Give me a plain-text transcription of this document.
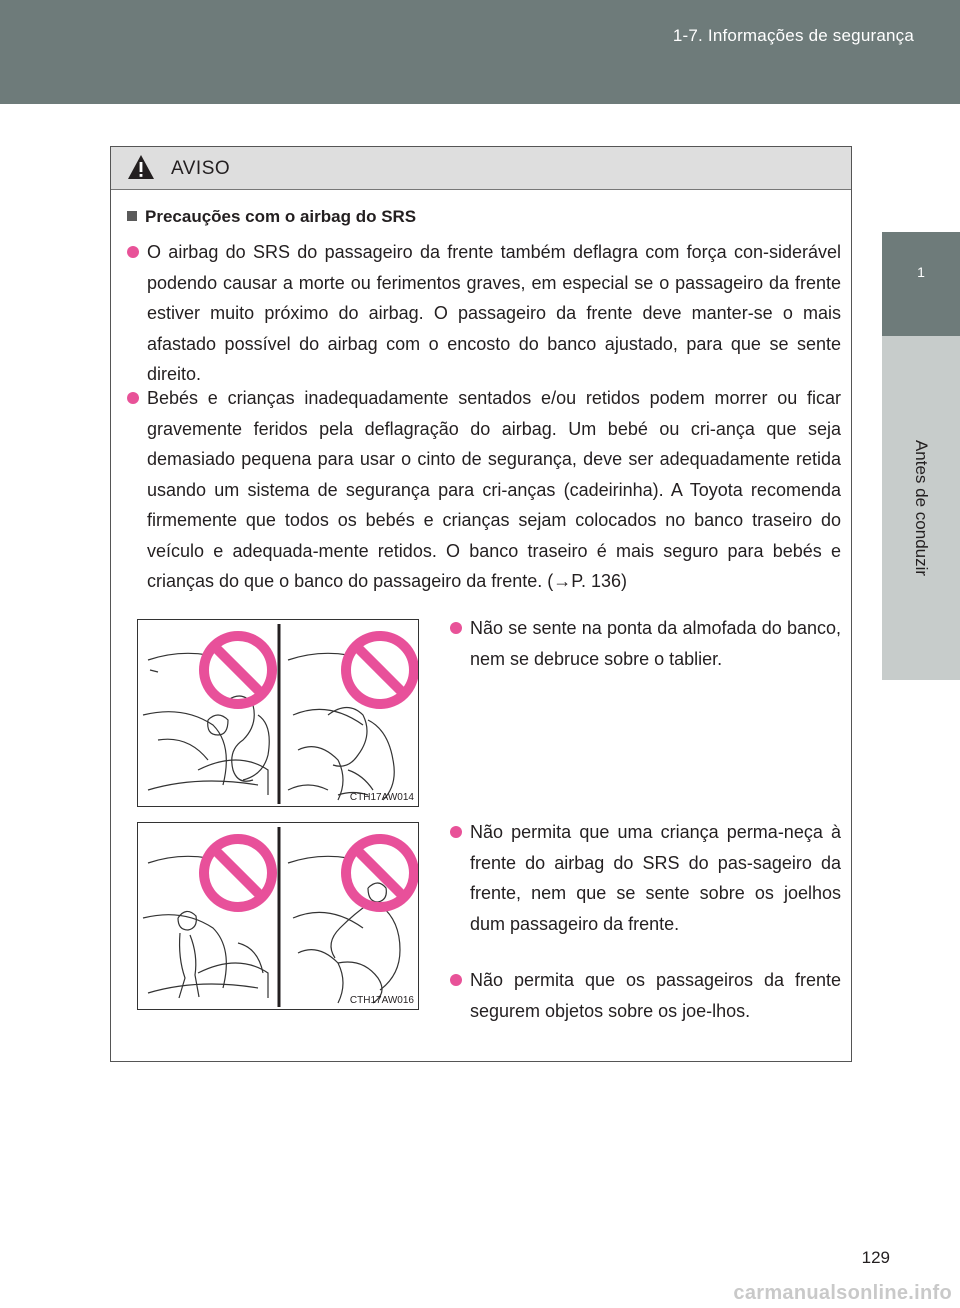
1-7. Informações de segurança
1
Antes de conduzir
AVISO
Precauções com o airbag do SRS
O airbag do SRS do passageiro da frente também deflagra com força con-siderável podendo causar a morte ou ferimentos graves, em especial se o passageiro da frente estiver muito próximo do airbag. O passageiro da frente deve manter-se o mais afastado possível do airbag com o encosto do banco ajustado, para que se sente direito.
Bebés e crianças inadequadamente sentados e/ou retidos podem morrer ou ficar gravemente feridos pela deflagração do airbag. Um bebé ou cri-ança que seja demasiado pequena para usar o cinto de segurança, deve ser adequadamente retida usando um sistema de segurança para cri-anças (cadeirinha). A Toyota recomenda firmemente que todos os bebés e crianças sejam colocados no banco traseiro do veículo e adequada-mente retidos. O banco traseiro é mais seguro para bebés e crianças do que o banco do passageiro da frente. (→P. 136)
CTH17AW014
CTH17AW016
Não se sente na ponta da almofada do banco, nem se debruce sobre o tablier.
Não permita que uma criança perma-neça à frente do airbag do SRS do pas-sageiro da frente, nem que se sente sobre os joelhos dum passageiro da frente.
Não permita que os passageiros da frente segurem objetos sobre os joe-lhos.
129
carmanualsonline.info
